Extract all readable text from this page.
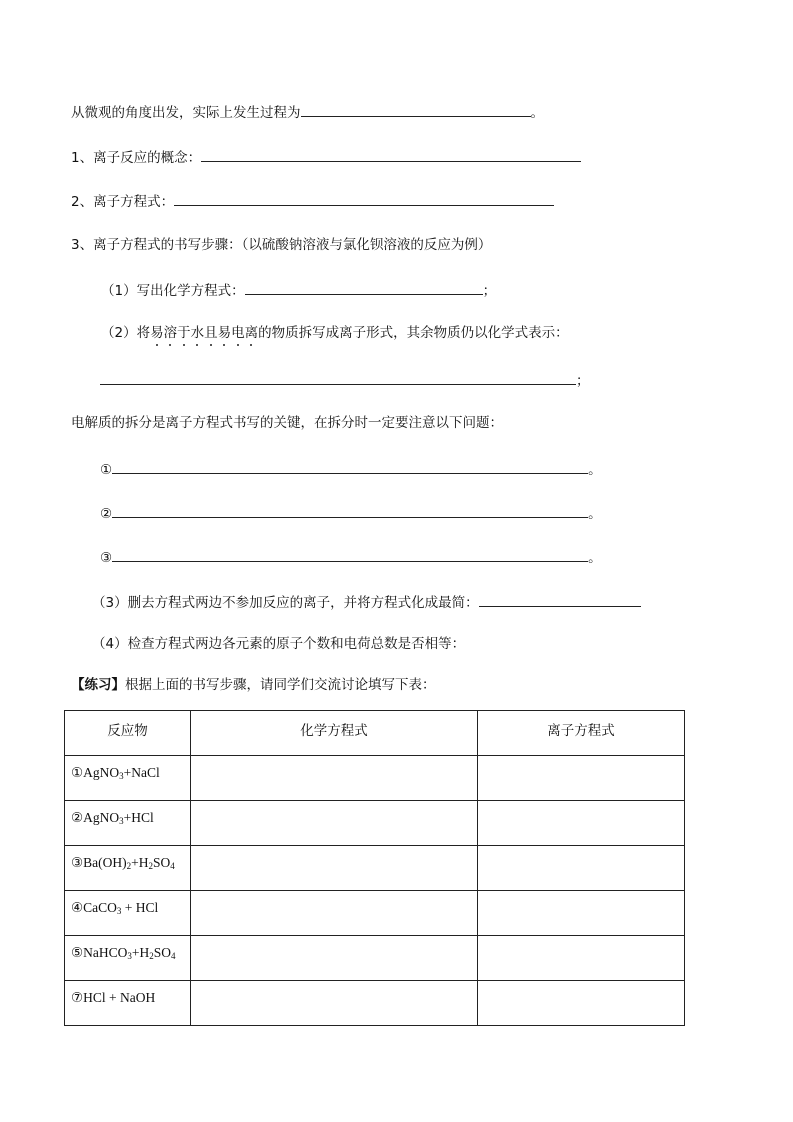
从微观的角度出发，实际上发生过程为	。
1、离子反应的概念：
2、离子方程式：
3、离子方程式的书写步骤：（以硫酸钠溶液与氯化钡溶液的反应为例）
（1）写出化学方程式：	；
（2）将易溶于水且易电离的物质拆写成离子形式，其余物质仍以化学式表示：
；
电解质的拆分是离子方程式书写的关键，在拆分时一定要注意以下问题：
①	。
②	。
③	。
（3）删去方程式两边不参加反应的离子，并将方程式化成最简：
（4）检查方程式两边各元素的原子个数和电荷总数是否相等：
【练习】根据上面的书写步骤，请同学们交流讨论填写下表：
反应物	化学方程式	离子方程式
①AgNO$_3$+NaCl		
②AgNO$_3$+HCl		
$③Ba(OH)_2+H_2SO_4$		
④CaCO$_3$ + HCl		
$⑤NaHCO_3+H_2SO_4$		
⑦HCl + NaOH		
